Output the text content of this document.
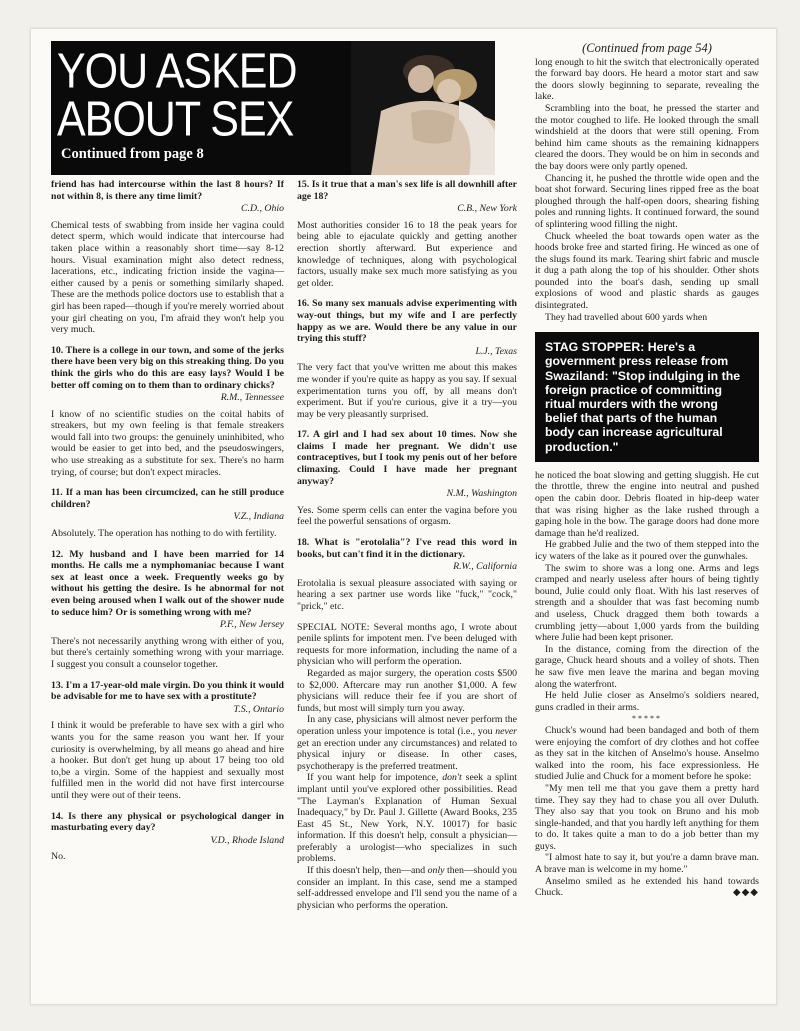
YOU ASKED
ABOUT SEX
Continued from page 8

friend has had intercourse within the last 8 hours? If not within 8, is there any time limit?

C.D., Ohio

Chemical tests of swabbing from inside her vagina could detect sperm, which would indicate that intercourse had taken place within a reasonably short time—say 8-12 hours. Visual examination might also detect redness, lacerations, etc., indicating friction inside the vagina—either caused by a penis or something similarly shaped. These are the methods police doctors use to establish that a girl has been raped—though if you're merely worried about your girl cheating on you, I'm afraid they won't help you very much.

10. There is a college in our town, and some of the jerks there have been very big on this streaking thing. Do you think the girls who do this are easy lays? Would I be better off coming on to them than to ordinary chicks?

R.M., Tennessee

I know of no scientific studies on the coital habits of streakers, but my own feeling is that female streakers would fall into two groups: the genuinely uninhibited, who would be easier to get into bed, and the pseudoswingers, who use streaking as a substitute for sex. There's no harm trying, of course; but don't expect miracles.

11. If a man has been circumcized, can he still produce children?

V.Z., Indiana

Absolutely. The operation has nothing to do with fertility.

12. My husband and I have been married for 14 months. He calls me a nymphomaniac because I want sex at least once a week. Frequently weeks go by without his getting the desire. Is he abnormal for not even being aroused when I walk out of the shower nude to seduce him? Or is something wrong with me?

P.F., New Jersey

There's not necessarily anything wrong with either of you, but there's certainly something wrong with your marriage. I suggest you consult a counselor together.

13. I'm a 17-year-old male virgin. Do you think it would be advisable for me to have sex with a prostitute?

T.S., Ontario

I think it would be preferable to have sex with a girl who wants you for the same reason you want her. If your curiosity is overwhelming, by all means go ahead and hire a hooker. But don't get hung up about 17 being too old to,be a virgin. Some of the happiest and sexually most fulfilled men in the world did not have first intercourse until they were out of their teens.

14. Is there any physical or psychological danger in masturbating every day?

V.D., Rhode Island

No.

15. Is it true that a man's sex life is all downhill after age 18?

C.B., New York

Most authorities consider 16 to 18 the peak years for being able to ejaculate quickly and getting another erection shortly afterward. But experience and knowledge of techniques, along with psychological factors, usually make sex much more satisfying as you get older.

16. So many sex manuals advise experimenting with way-out things, but my wife and I are perfectly happy as we are. Would there be any value in our trying this stuff?

L.J., Texas

The very fact that you've written me about this makes me wonder if you're quite as happy as you say. If sexual experimentation turns you off, by all means don't experiment. But if you're curious, give it a try—you may be very pleasantly surprised.

17. A girl and I had sex about 10 times. Now she claims I made her pregnant. We didn't use contraceptives, but I took my penis out of her before climaxing. Could I have made her pregnant anyway?

N.M., Washington

Yes. Some sperm cells can enter the vagina before you feel the powerful sensations of orgasm.

18. What is "erotolalia"? I've read this word in books, but can't find it in the dictionary.

R.W., California

Erotolalia is sexual pleasure associated with saying or hearing a sex partner use words like "fuck," "cock," "prick," etc.

SPECIAL NOTE: Several months ago, I wrote about penile splints for impotent men. I've been deluged with requests for more information, including the name of a physician who will perform the operation.

Regarded as major surgery, the operation costs $500 to $2,000. Aftercare may run another $1,000. A few physicians will reduce their fee if you are short of funds, but most will simply turn you away.

In any case, physicians will almost never perform the operation unless your impotence is total (i.e., you never get an erection under any circumstances) and related to physical injury or disease. In other cases, psychotherapy is the preferred treatment.

If you want help for impotence, don't seek a splint implant until you've explored other possibilities. Read "The Layman's Explanation of Human Sexual Inadequacy," by Dr. Paul J. Gillette (Award Books, 235 East 45 St., New York, N.Y. 10017) for basic information. If this doesn't help, consult a physician—preferably a urologist—who specializes in such problems.

If this doesn't help, then—and only then—should you consider an implant. In this case, send me a stamped self-addressed envelope and I'll send you the name of a physician who performs the operation.

(Continued from page 54)

long enough to hit the switch that electronically operated the forward bay doors. He heard a motor start and saw the doors slowly beginning to separate, revealing the lake.

Scrambling into the boat, he pressed the starter and the motor coughed to life. He looked through the small windshield at the doors that were still opening. From behind him came shouts as the remaining kidnappers cleared the doors. They would be on him in seconds and the bay doors were only partly opened.

Chancing it, he pushed the throttle wide open and the boat shot forward. Securing lines ripped free as the boat ploughed through the half-open doors, shearing fishing poles and running lights. It continued forward, the sound of splintering wood filling the night.

Chuck wheeled the boat towards open water as the hoods broke free and started firing. He winced as one of the slugs found its mark. Tearing shirt fabric and muscle it dug a path along the top of his shoulder. Other shots pounded into the boat's dash, sending up small explosions of wood and plastic shards as gauges disintegrated.

They had travelled about 600 yards when

STAG STOPPER: Here's a government press release from Swaziland: "Stop indulging in the foreign practice of committing ritual murders with the wrong belief that parts of the human body can increase agricultural production."

he noticed the boat slowing and getting sluggish. He cut the throttle, threw the engine into neutral and pushed open the cabin door. Debris floated in hip-deep water that was rising higher as the lake rushed through a gaping hole in the bow. The garage doors had done more damage than he'd realized.

He grabbed Julie and the two of them stepped into the icy waters of the lake as it poured over the gunwhales.

The swim to shore was a long one. Arms and legs cramped and nearly useless after hours of being tightly bound, Julie could only float. With his last reserves of strength and a shoulder that was fast becoming numb and useless, Chuck dragged them both towards a crumbling jetty—about 1,000 yards from the building where Julie had been kept prisoner.

In the distance, coming from the direction of the garage, Chuck heard shouts and a volley of shots. Then he saw five men leave the marina and began moving along the waterfront.

He held Julie closer as Anselmo's soldiers neared, guns cradled in their arms.

*****

Chuck's wound had been bandaged and both of them were enjoying the comfort of dry clothes and hot coffee as they sat in the kitchen of Anselmo's house. Anselmo walked into the room, his face expressionless. He studied Julie and Chuck for a moment before he spoke:

"My men tell me that you gave them a pretty hard time. They say they had to chase you all over Duluth. They also say that you took on Bruno and his mob single-handed, and that you hardly left anything for them to do. It takes quite a man to do a job better than my guys.

"I almost hate to say it, but you're a damn brave man. A brave man is welcome in my home."

Anselmo smiled as he extended his hand towards Chuck.	◆◆◆
